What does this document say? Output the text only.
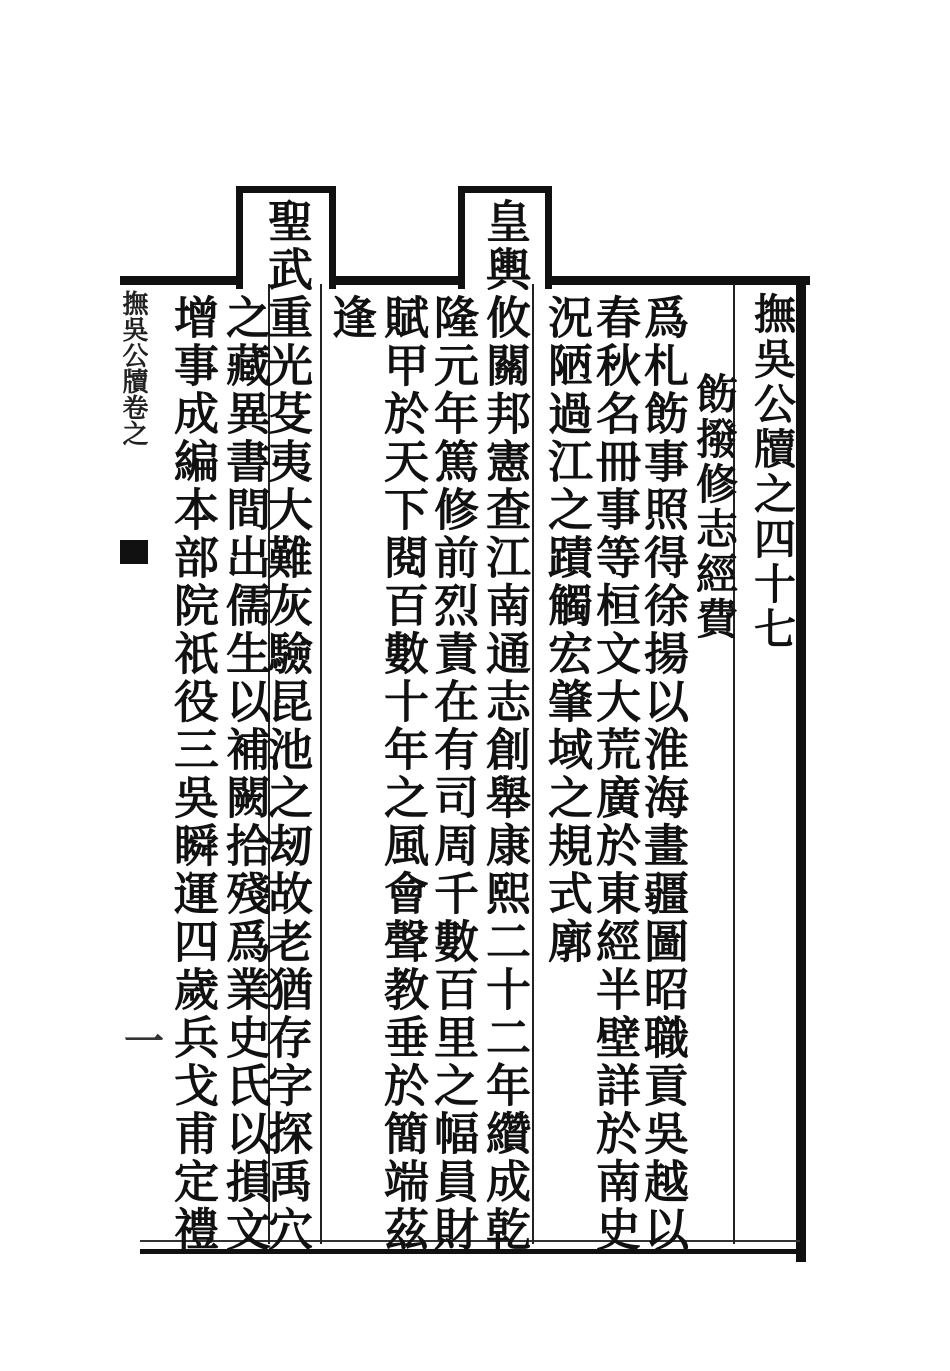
撫吳公牘卷之	撫吳公牘之四十七
飭撥修志經費
爲札飭事照得徐揚以淮海畫疆圖昭職貢吳越以
春秋名冊事等桓文大荒廣於東經半壁詳於南史
況陋過江之蹟觸宏肇域之規式廓
皇輿攸關邦憲查江南通志創舉康熙二十二年纘成乾
隆元年篤修前烈責在有司周千數百里之幅員財
賦甲於天下閱百數十年之風會聲教垂於簡端茲
逢
聖武重光芟夷大難灰驗昆池之刼故老猶存字探禹穴
之藏異書間出儒生以補闕拾殘爲業史氏以損文
增事成編本部院祇役三吳瞬運四歲兵戈甫定禮
一
